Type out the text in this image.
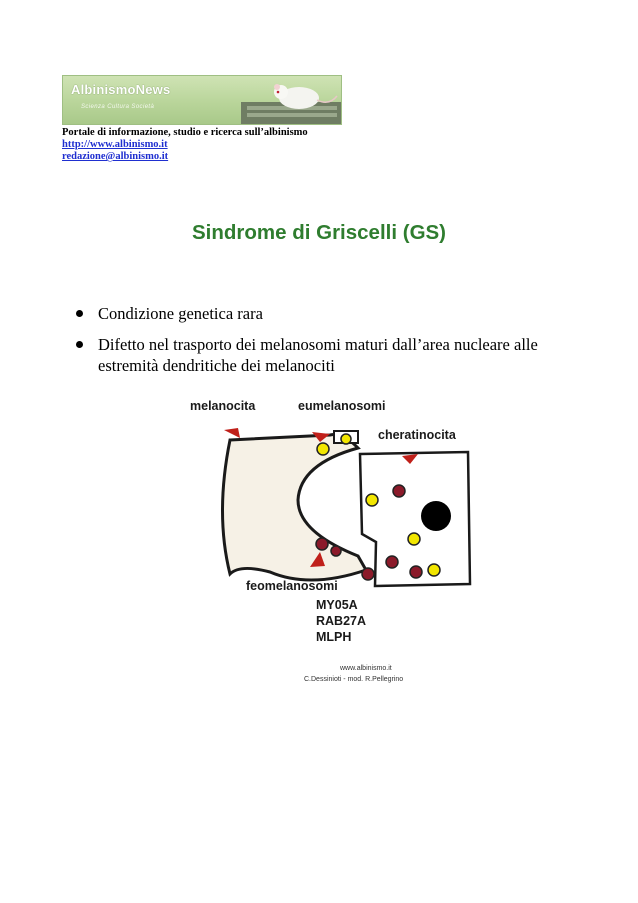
AlbinismoNews
Scienza Cultura Società
Portale di informazione, studio e ricerca sull’albinismo
http://www.albinismo.it
redazione@albinismo.it
Sindrome di Griscelli (GS)
Condizione genetica rara
Difetto nel trasporto dei melanosomi maturi dall’area nucleare alle estremità dendritiche dei melanociti
melanocita	eumelanosomi
cheratinocita
feomelanosomi
MY05A
RAB27A
MLPH
www.albinismo.it
C.Dessinioti - mod. R.Pellegrino
